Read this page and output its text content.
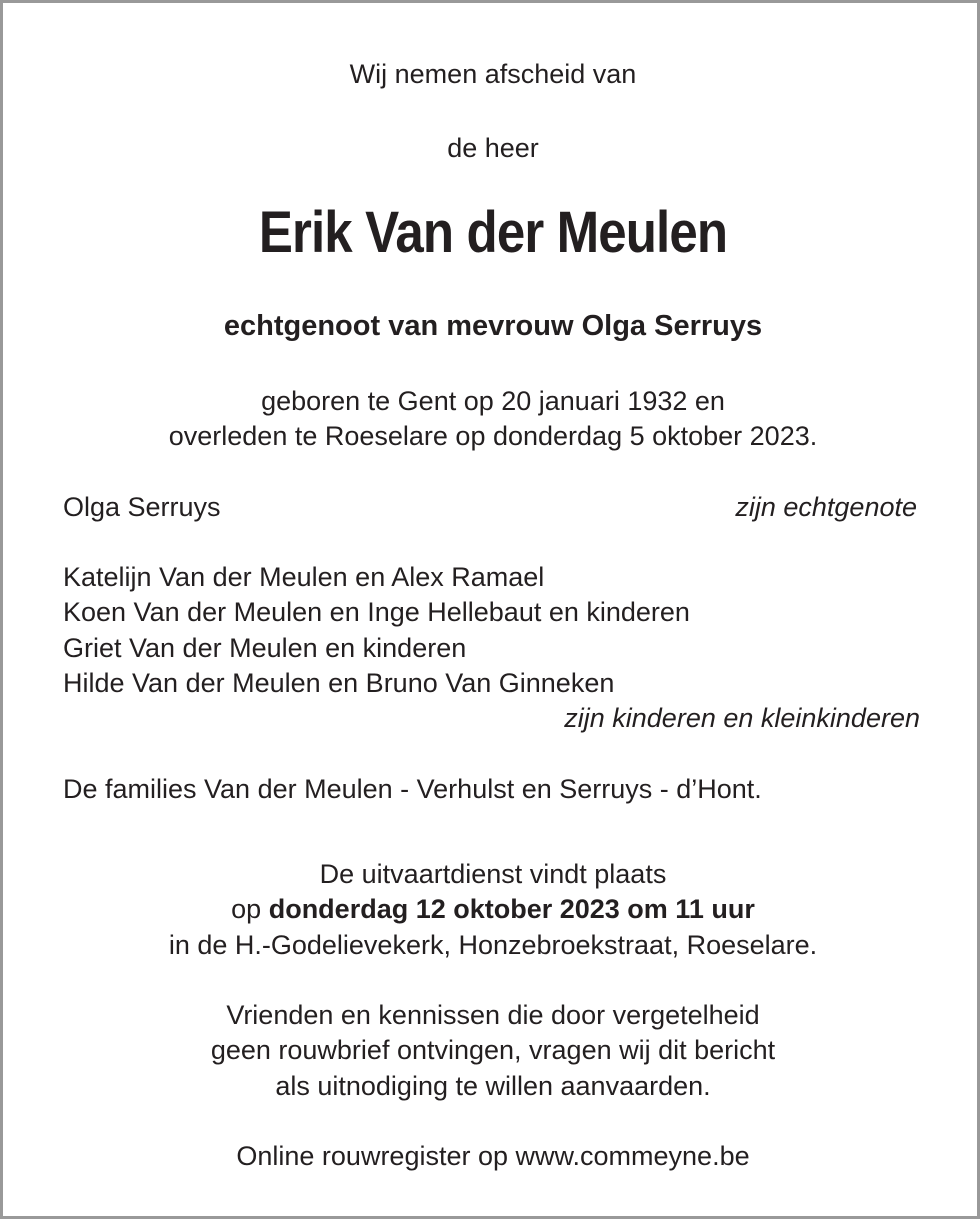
Wij nemen afscheid van
de heer
Erik Van der Meulen
echtgenoot van mevrouw Olga Serruys
geboren te Gent op 20 januari 1932 en
overleden te Roeselare op donderdag 5 oktober 2023.
Olga Serruys	zijn echtgenote
Katelijn Van der Meulen en Alex Ramael
Koen Van der Meulen en Inge Hellebaut en kinderen
Griet Van der Meulen en kinderen
Hilde Van der Meulen en Bruno Van Ginneken
zijn kinderen en kleinkinderen
De families Van der Meulen - Verhulst en Serruys - d’Hont.
De uitvaartdienst vindt plaats
op donderdag 12 oktober 2023 om 11 uur
in de H.-Godelievekerk, Honzebroekstraat, Roeselare.
Vrienden en kennissen die door vergetelheid
geen rouwbrief ontvingen, vragen wij dit bericht
als uitnodiging te willen aanvaarden.
Online rouwregister op www.commeyne.be
